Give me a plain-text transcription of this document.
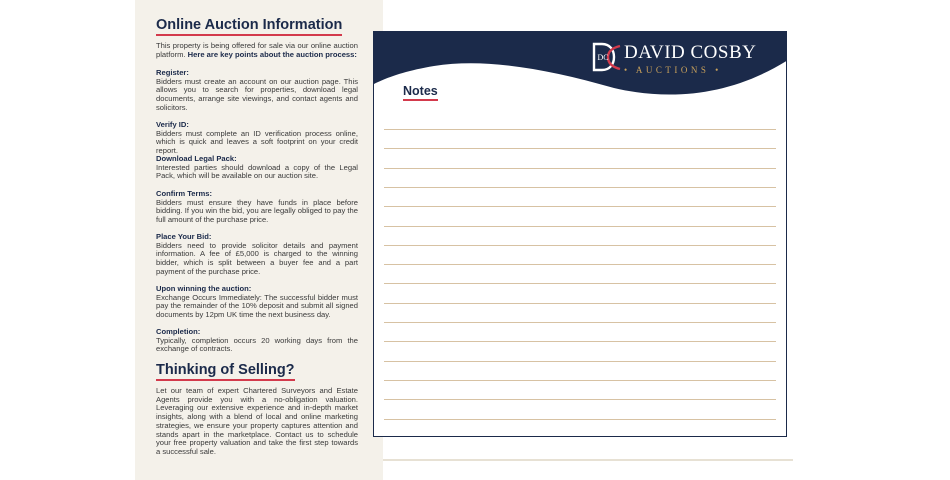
Online Auction Information

This property is being offered for sale via our online auction platform. Here are key points about the auction process:

Register:
Bidders must create an account on our auction page. This allows you to search for properties, download legal documents, arrange site viewings, and contact agents and solicitors.
Verify ID:
Bidders must complete an ID verification process online, which is quick and leaves a soft footprint on your credit report.
Download Legal Pack:
Interested parties should download a copy of the Legal Pack, which will be available on our auction site.
Confirm Terms:
Bidders must ensure they have funds in place before bidding. If you win the bid, you are legally obliged to pay the full amount of the purchase price.
Place Your Bid:
Bidders need to provide solicitor details and payment information. A fee of £5,000 is charged to the winning bidder, which is split between a buyer fee and a part payment of the purchase price.
Upon winning the auction:
Exchange Occurs Immediately: The successful bidder must pay the remainder of the 10% deposit and submit all signed documents by 12pm UK time the next business day.
Completion:
Typically, completion occurs 20 working days from the exchange of contracts.
Thinking of Selling?

Let our team of expert Chartered Surveyors and Estate Agents provide you with a no-obligation valuation. Leveraging our extensive experience and in-depth market insights, along with a blend of local and online marketing strategies, we ensure your property captures attention and stands apart in the marketplace. Contact us to schedule your free property valuation and take the first step towards a successful sale.

DC DAVID COSBY
• AUCTIONS •
Notes
